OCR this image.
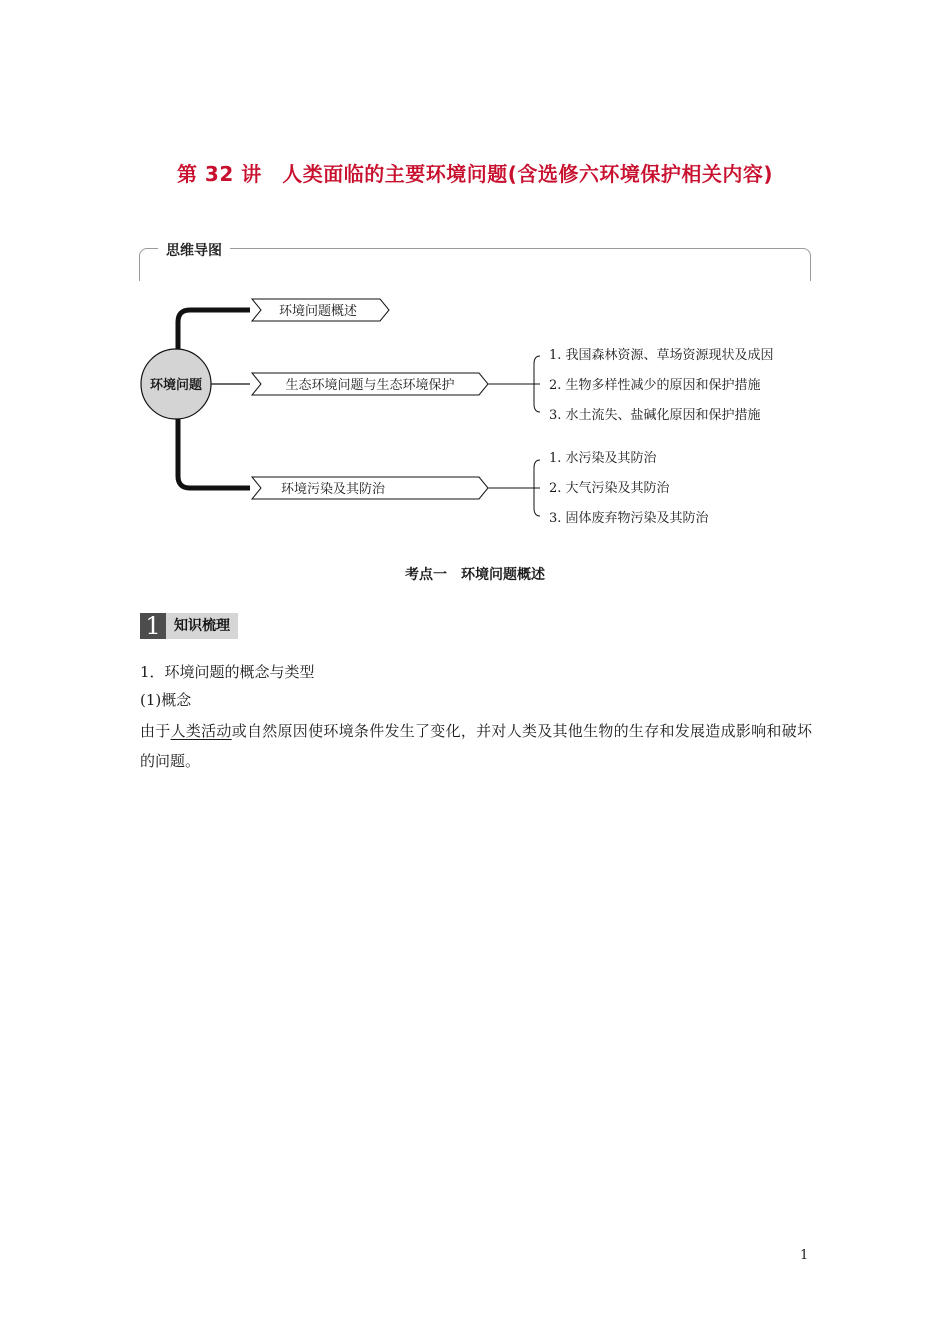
第 32 讲　人类面临的主要环境问题(含选修六环境保护相关内容)
思维导图
环境问题
环境问题概述
生态环境问题与生态环境保护
环境污染及其防治
1. 我国森林资源、草场资源现状及成因
2. 生物多样性减少的原因和保护措施
3. 水土流失、盐碱化原因和保护措施
1. 水污染及其防治
2. 大气污染及其防治
3. 固体废弃物污染及其防治
考点一　环境问题概述
1 知识梳理
1．环境问题的概念与类型
(1)概念
由于人类活动或自然原因使环境条件发生了变化，并对人类及其他生物的生存和发展造成影响和破坏的问题。
1
